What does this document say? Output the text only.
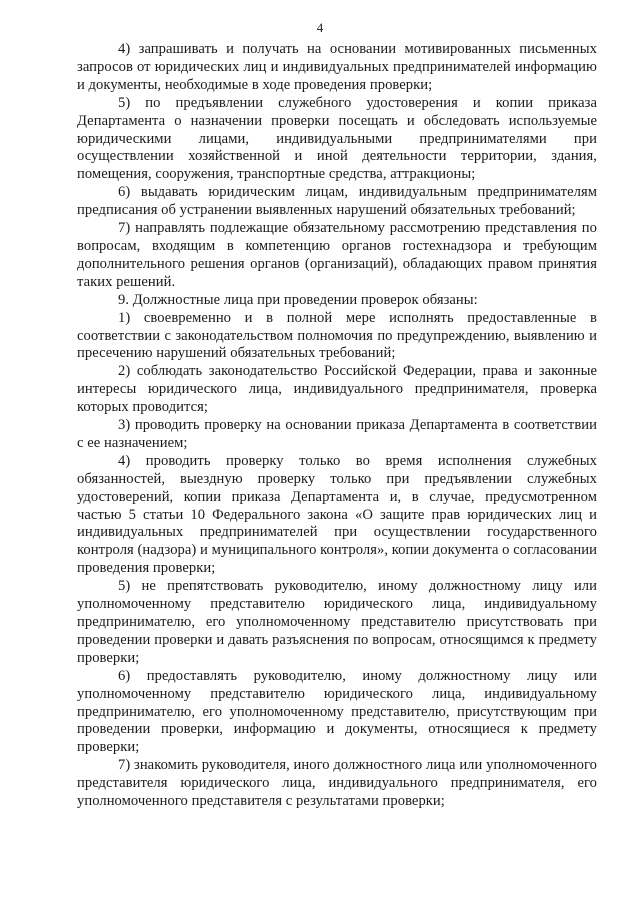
4

4) запрашивать и получать на основании мотивированных письменных запросов от юридических лиц и индивидуальных предпринимателей информацию и документы, необходимые в ходе проведения проверки;

5) по предъявлении служебного удостоверения и копии приказа Департамента о назначении проверки посещать и обследовать используемые юридическими лицами, индивидуальными предпринимателями при осуществлении хозяйственной и иной деятельности территории, здания, помещения, сооружения, транспортные средства, аттракционы;

6) выдавать юридическим лицам, индивидуальным предпринимателям предписания об устранении выявленных нарушений обязательных требований;

7) направлять подлежащие обязательному рассмотрению представления по вопросам, входящим в компетенцию органов гостехнадзора и требующим дополнительного решения органов (организаций), обладающих правом принятия таких решений.

9. Должностные лица при проведении проверок обязаны:

1) своевременно и в полной мере исполнять предоставленные в соответствии с законодательством полномочия по предупреждению, выявлению и пресечению нарушений обязательных требований;

2) соблюдать законодательство Российской Федерации, права и законные интересы юридического лица, индивидуального предпринимателя, проверка которых проводится;

3) проводить проверку на основании приказа Департамента в соответствии с ее назначением;

4) проводить проверку только во время исполнения служебных обязанностей, выездную проверку только при предъявлении служебных удостоверений, копии приказа Департамента и, в случае, предусмотренном частью 5 статьи 10 Федерального закона «О защите прав юридических лиц и индивидуальных предпринимателей при осуществлении государственного контроля (надзора) и муниципального контроля», копии документа о согласовании проведения проверки;

5) не препятствовать руководителю, иному должностному лицу или уполномоченному представителю юридического лица, индивидуальному предпринимателю, его уполномоченному представителю присутствовать при проведении проверки и давать разъяснения по вопросам, относящимся к предмету проверки;

6) предоставлять руководителю, иному должностному лицу или уполномоченному представителю юридического лица, индивидуальному предпринимателю, его уполномоченному представителю, присутствующим при проведении проверки, информацию и документы, относящиеся к предмету проверки;

7) знакомить руководителя, иного должностного лица или уполномоченного представителя юридического лица, индивидуального предпринимателя, его уполномоченного представителя с результатами проверки;
